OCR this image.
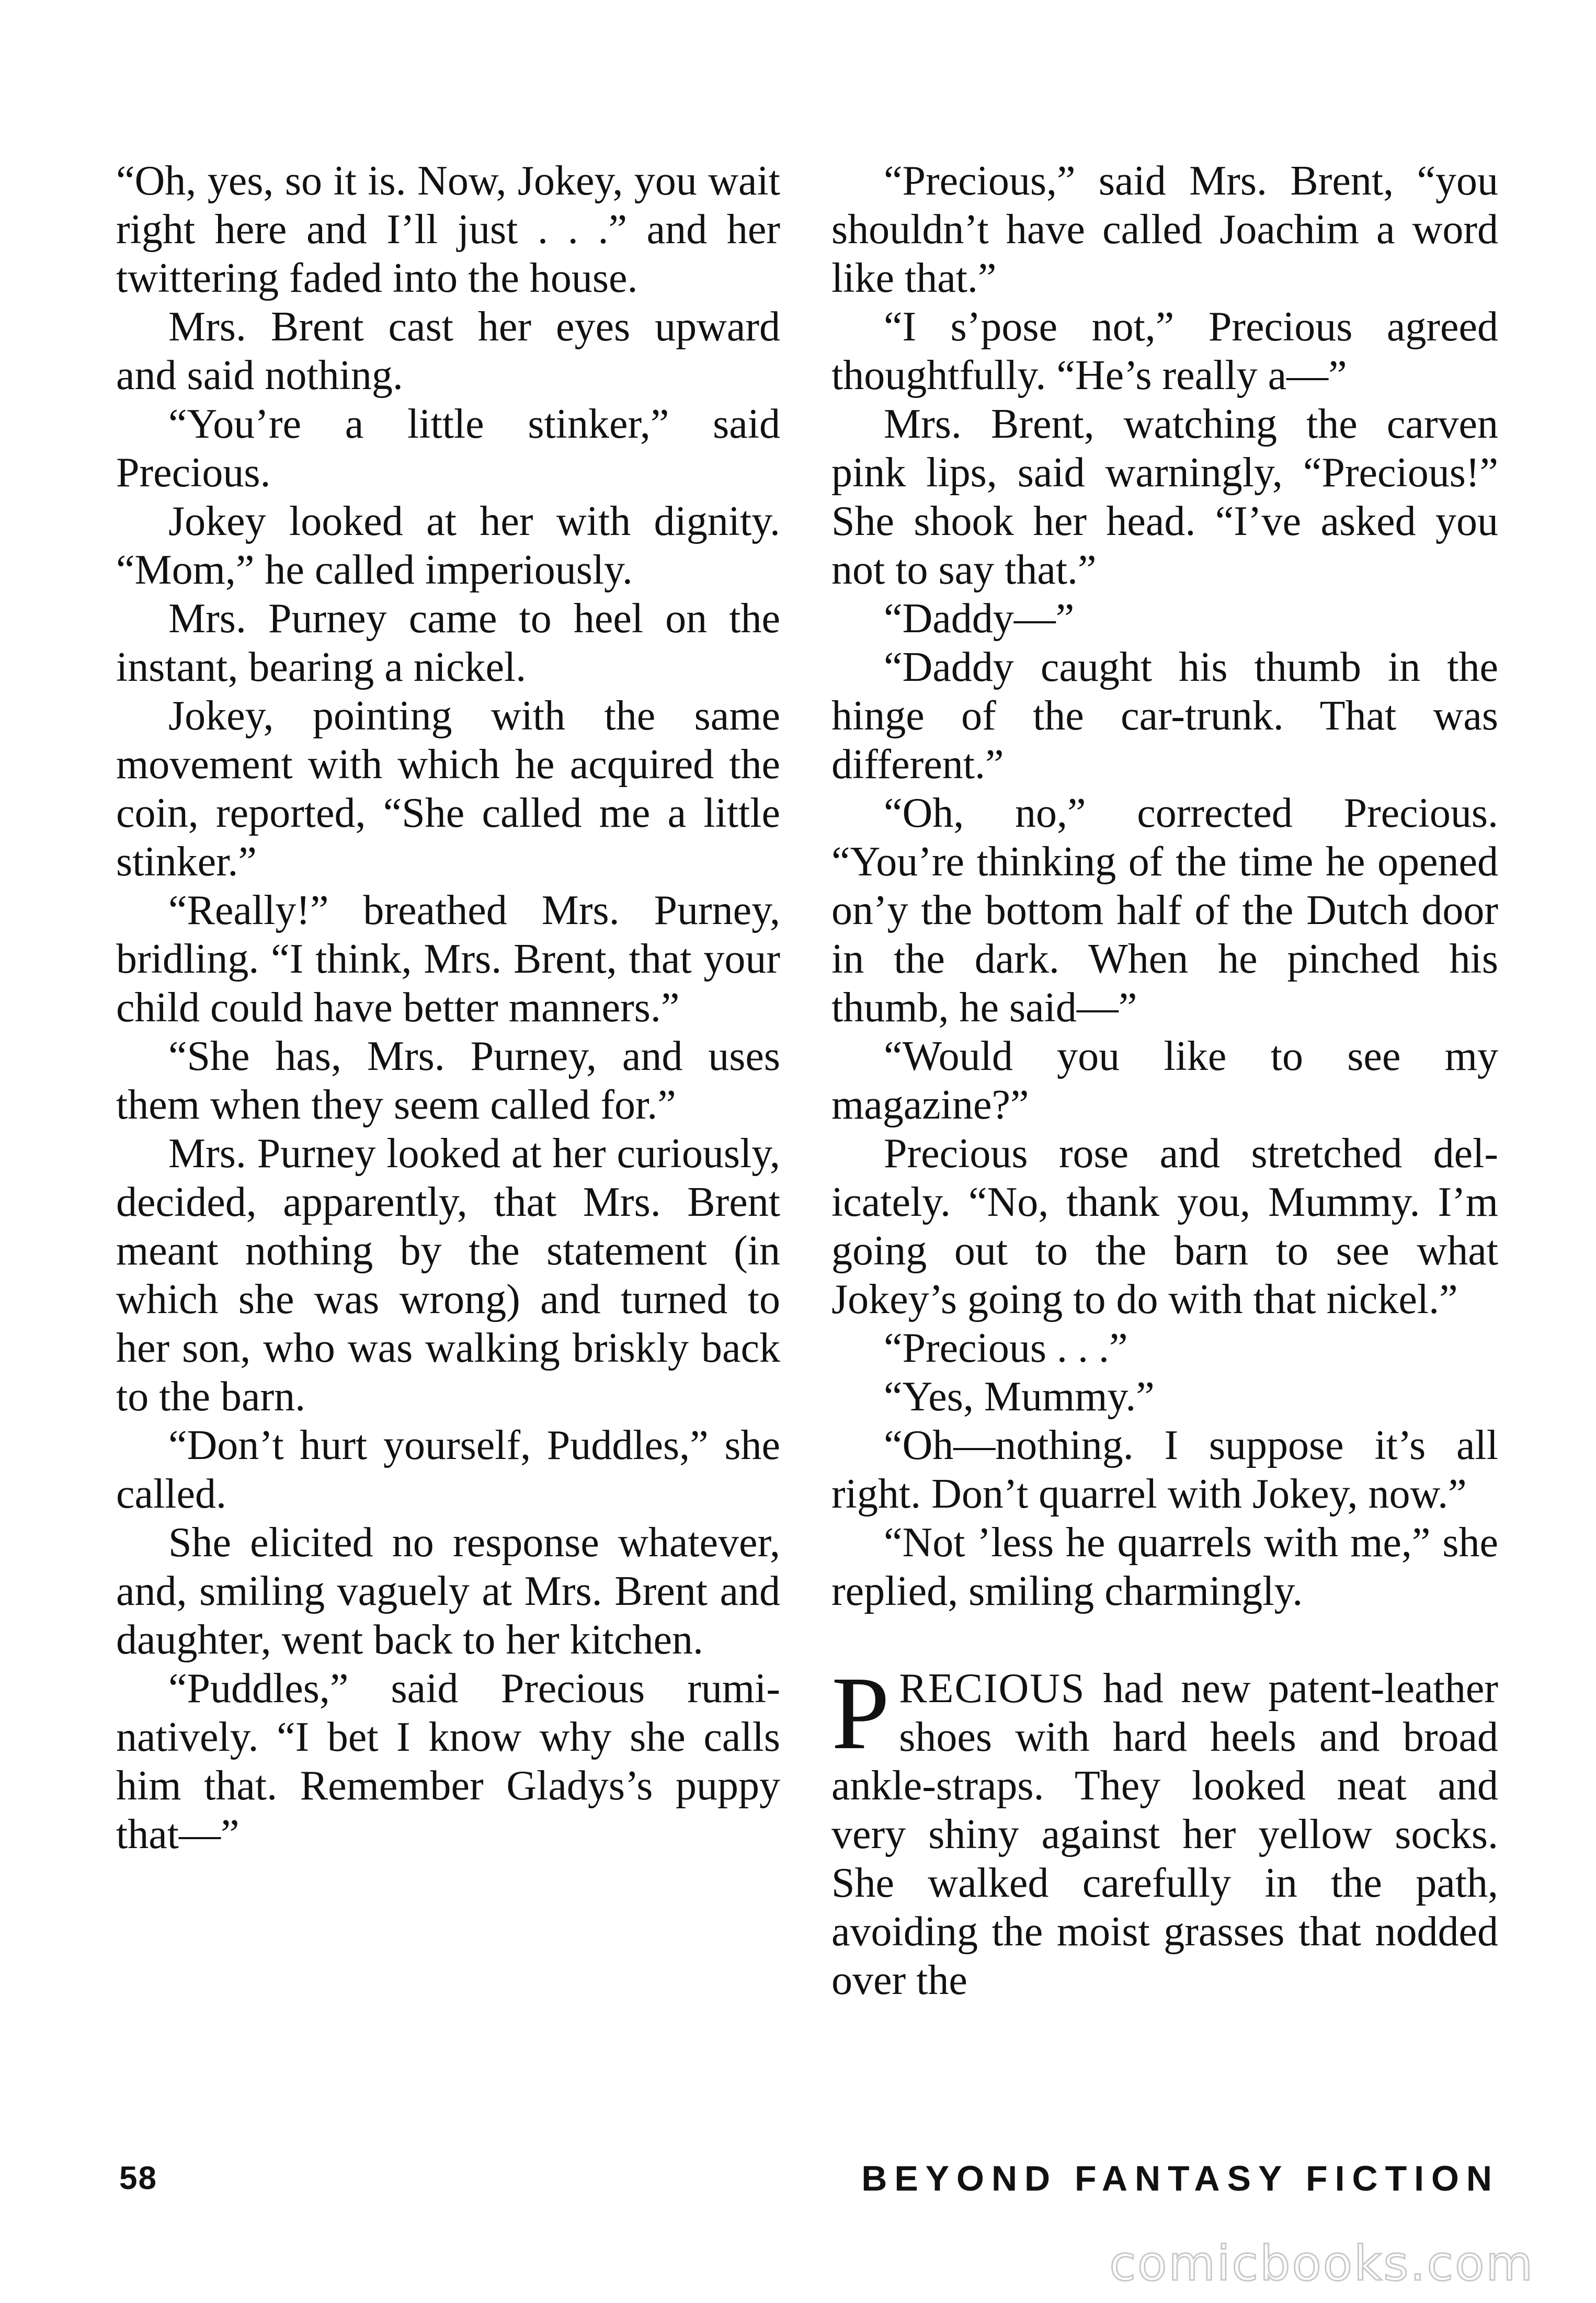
“Oh, yes, so it is. Now, Jokey, you wait right here and I’ll just . . .” and her twittering faded into the house.

Mrs. Brent cast her eyes upward and said nothing.

“You’re a little stinker,” said Precious.

Jokey looked at her with dignity. “Mom,” he called imperiously.

Mrs. Purney came to heel on the instant, bearing a nickel.

Jokey, pointing with the same movement with which he acquired the coin, reported, “She called me a little stinker.”

“Really!” breathed Mrs. Purney, bridling. “I think, Mrs. Brent, that your child could have better manners.”

“She has, Mrs. Purney, and uses them when they seem called for.”

Mrs. Purney looked at her curiously, decided, apparently, that Mrs. Brent meant nothing by the statement (in which she was wrong) and turned to her son, who was walking briskly back to the barn.

“Don’t hurt yourself, Puddles,” she called.

She elicited no response whatever, and, smiling vaguely at Mrs. Brent and daughter, went back to her kitchen.

“Puddles,” said Precious ruminatively. “I bet I know why she calls him that. Remember Gladys’s puppy that—”

“Precious,” said Mrs. Brent, “you shouldn’t have called Joachim a word like that.”

“I s’pose not,” Precious agreed thoughtfully. “He’s really a—”

Mrs. Brent, watching the carven pink lips, said warningly, “Precious!” She shook her head. “I’ve asked you not to say that.”

“Daddy—”

“Daddy caught his thumb in the hinge of the car-trunk. That was different.”

“Oh, no,” corrected Precious. “You’re thinking of the time he opened on’y the bottom half of the Dutch door in the dark. When he pinched his thumb, he said—”

“Would you like to see my magazine?”

Precious rose and stretched delicately. “No, thank you, Mummy. I’m going out to the barn to see what Jokey’s going to do with that nickel.”

“Precious . . .”

“Yes, Mummy.”

“Oh—nothing. I suppose it’s all right. Don’t quarrel with Jokey, now.”

“Not ’less he quarrels with me,” she replied, smiling charmingly.

PRECIOUS had new patent-leather shoes with hard heels and broad ankle-straps. They looked neat and very shiny against her yellow socks. She walked carefully in the path, avoiding the moist grasses that nodded over the

58	BEYOND FANTASY FICTION
comicbooks.com
